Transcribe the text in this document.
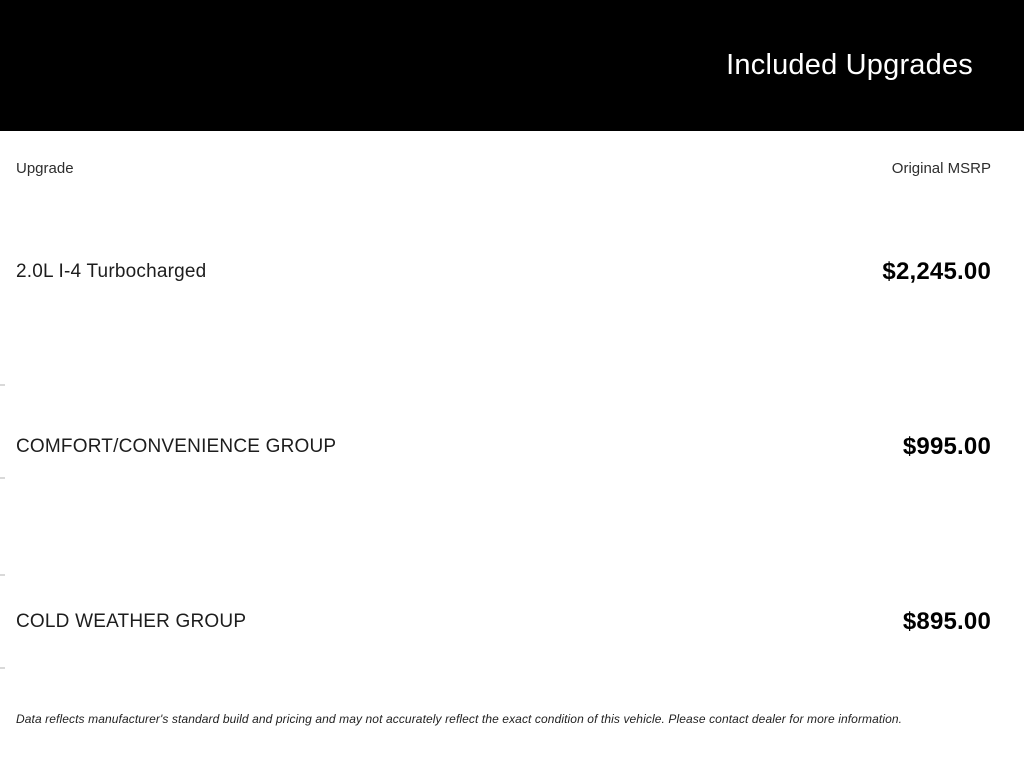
Included Upgrades
Upgrade	Original MSRP
2.0L I-4 Turbocharged	$2,245.00
COMFORT/CONVENIENCE GROUP	$995.00
COLD WEATHER GROUP	$895.00
Data reflects manufacturer's standard build and pricing and may not accurately reflect the exact condition of this vehicle. Please contact dealer for more information.
